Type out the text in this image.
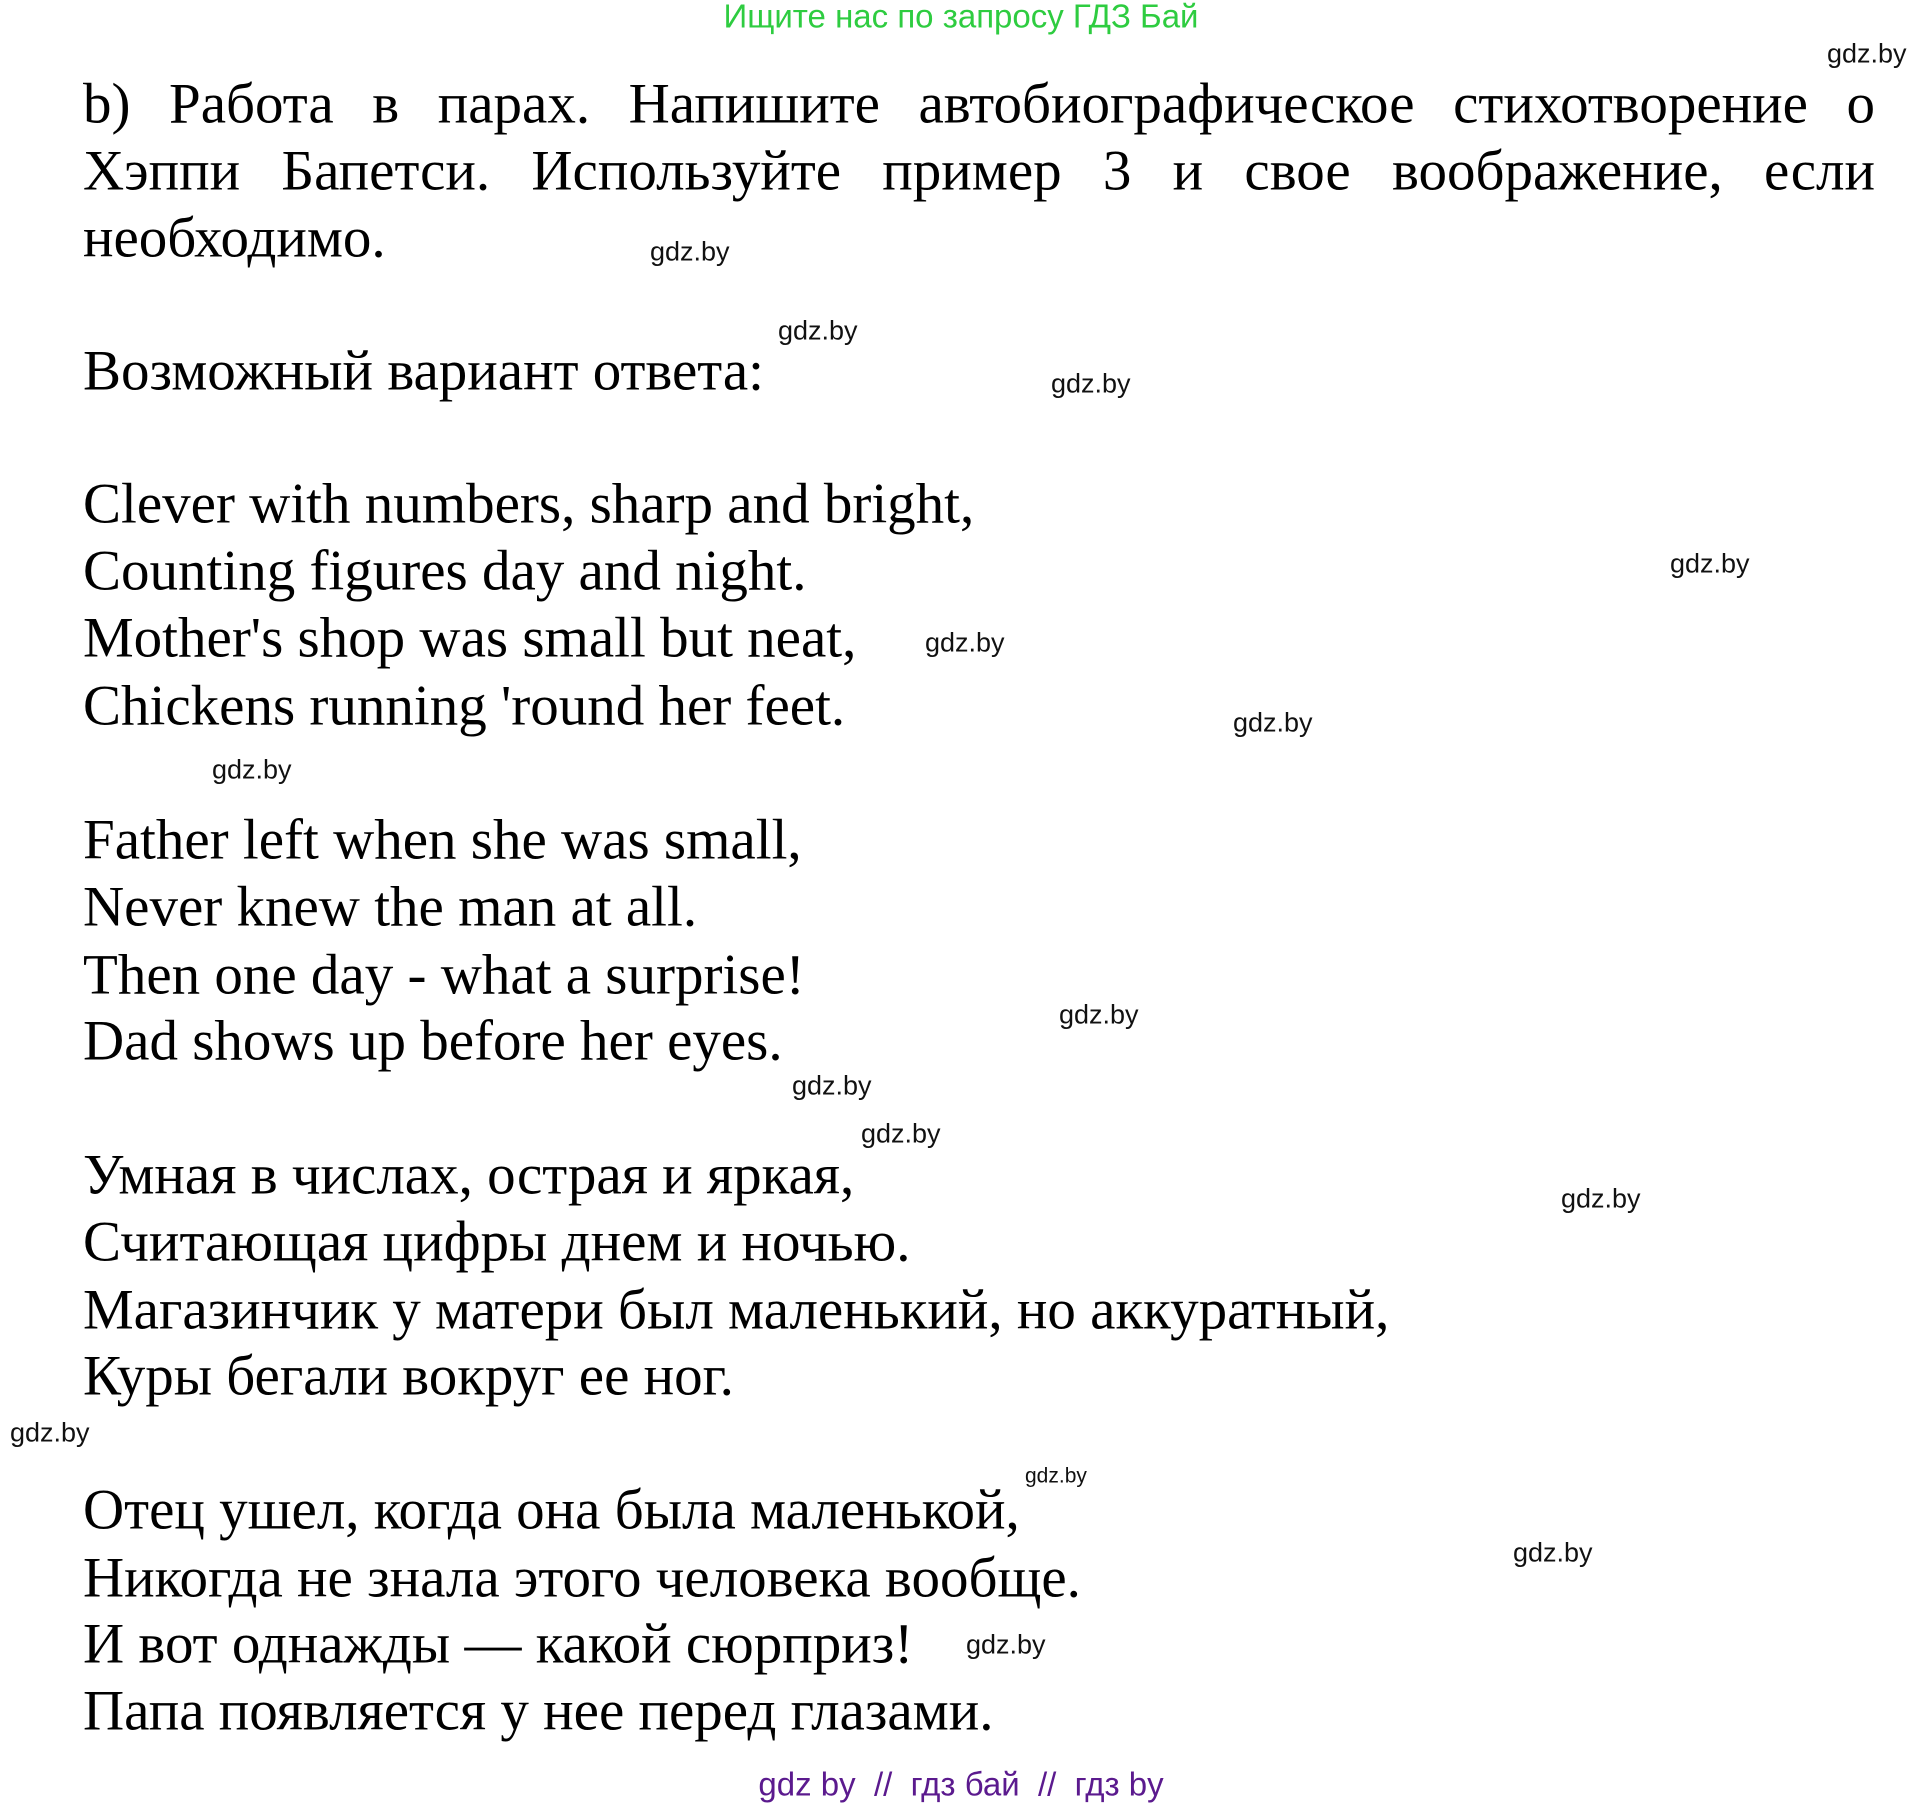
Ищите нас по запросу ГДЗ Бай
b) Работа в парах. Напишите автобиографическое стихотворение о
Хэппи Бапетси. Используйте пример 3 и свое воображение, если
необходимо.
Возможный вариант ответа:
Clever with numbers, sharp and bright,
Counting figures day and night.
Mother's shop was small but neat,
Chickens running 'round her feet.
Father left when she was small,
Never knew the man at all.
Then one day - what a surprise!
Dad shows up before her eyes.
Умная в числах, острая и яркая,
Считающая цифры днем и ночью.
Магазинчик у матери был маленький, но аккуратный,
Куры бегали вокруг ее ног.
Отец ушел, когда она была маленькой,
Никогда не знала этого человека вообще.
И вот однажды — какой сюрприз!
Папа появляется у нее перед глазами.
gdz.by
gdz.by
gdz.by
gdz.by
gdz.by
gdz.by
gdz.by
gdz.by
gdz.by
gdz.by
gdz.by
gdz.by
gdz.by
gdz.by
gdz.by
gdz.by
gdz by  //  гдз бай  //  гдз by
